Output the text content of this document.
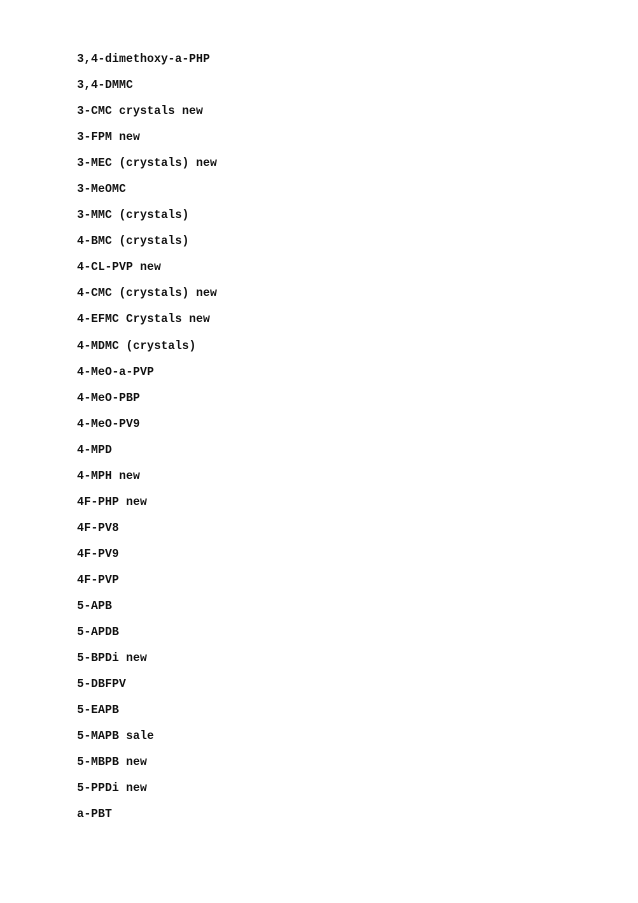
3,4-dimethoxy-a-PHP
3,4-DMMC
3-CMC crystals new
3-FPM new
3-MEC (crystals) new
3-MeOMC
3-MMC (crystals)
4-BMC (crystals)
4-CL-PVP new
4-CMC (crystals) new
4-EFMC Crystals new
4-MDMC (crystals)
4-MeO-a-PVP
4-MeO-PBP
4-MeO-PV9
4-MPD
4-MPH new
4F-PHP new
4F-PV8
4F-PV9
4F-PVP
5-APB
5-APDB
5-BPDi new
5-DBFPV
5-EAPB
5-MAPB sale
5-MBPB new
5-PPDi new
a-PBT
